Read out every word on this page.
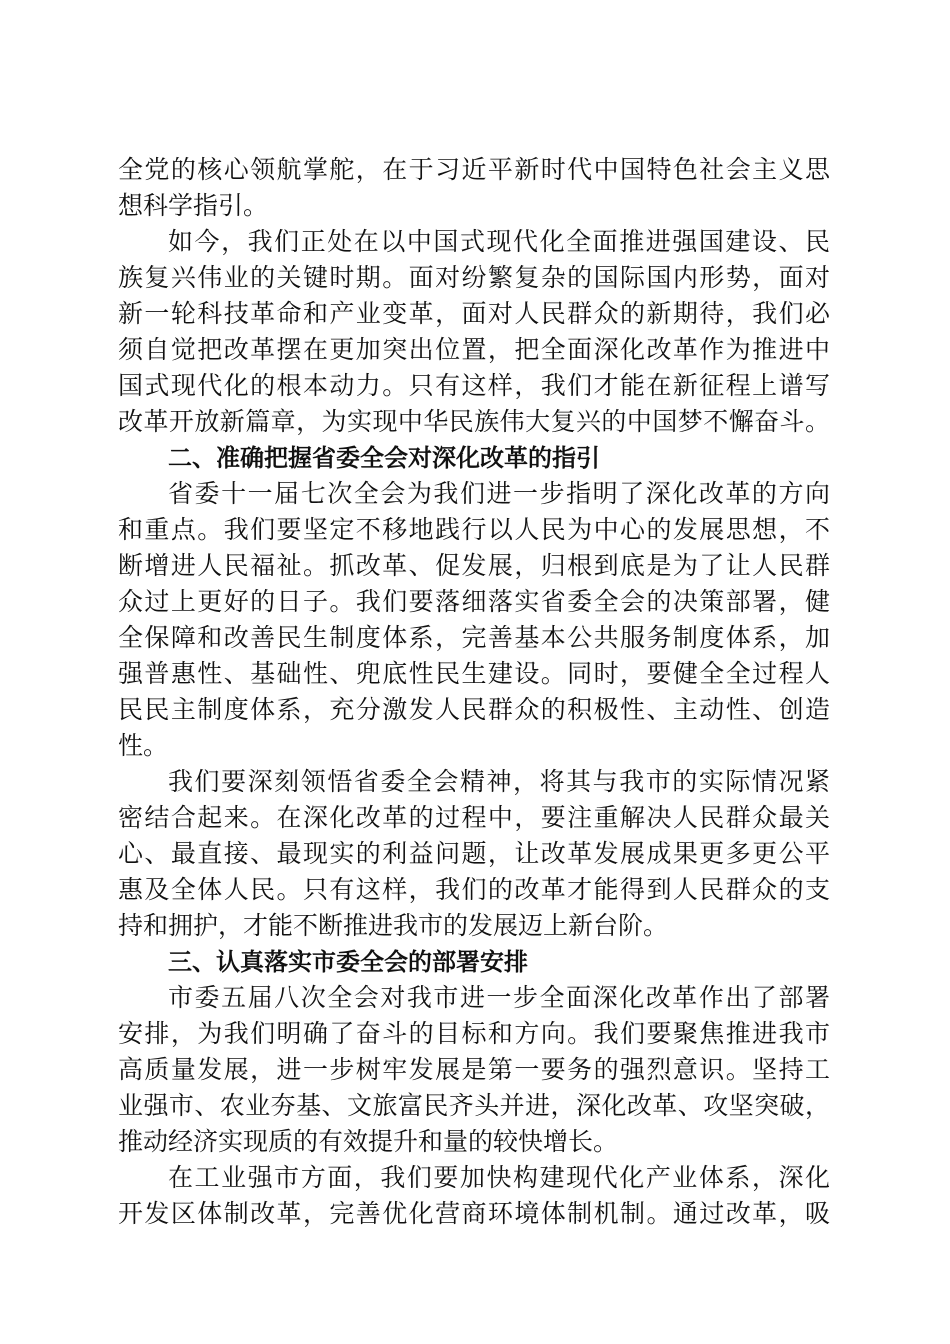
全党的核心领航掌舵，在于习近平新时代中国特色社会主义思
想科学指引。
如今，我们正处在以中国式现代化全面推进强国建设、民
族复兴伟业的关键时期。面对纷繁复杂的国际国内形势，面对
新一轮科技革命和产业变革，面对人民群众的新期待，我们必
须自觉把改革摆在更加突出位置，把全面深化改革作为推进中
国式现代化的根本动力。只有这样，我们才能在新征程上谱写
改革开放新篇章，为实现中华民族伟大复兴的中国梦不懈奋斗。
二、准确把握省委全会对深化改革的指引
省委十一届七次全会为我们进一步指明了深化改革的方向
和重点。我们要坚定不移地践行以人民为中心的发展思想，不
断增进人民福祉。抓改革、促发展，归根到底是为了让人民群
众过上更好的日子。我们要落细落实省委全会的决策部署，健
全保障和改善民生制度体系，完善基本公共服务制度体系，加
强普惠性、基础性、兜底性民生建设。同时，要健全全过程人
民民主制度体系，充分激发人民群众的积极性、主动性、创造
性。
我们要深刻领悟省委全会精神，将其与我市的实际情况紧
密结合起来。在深化改革的过程中，要注重解决人民群众最关
心、最直接、最现实的利益问题，让改革发展成果更多更公平
惠及全体人民。只有这样，我们的改革才能得到人民群众的支
持和拥护，才能不断推进我市的发展迈上新台阶。
三、认真落实市委全会的部署安排
市委五届八次全会对我市进一步全面深化改革作出了部署
安排，为我们明确了奋斗的目标和方向。我们要聚焦推进我市
高质量发展，进一步树牢发展是第一要务的强烈意识。坚持工
业强市、农业夯基、文旅富民齐头并进，深化改革、攻坚突破，
推动经济实现质的有效提升和量的较快增长。
在工业强市方面，我们要加快构建现代化产业体系，深化
开发区体制改革，完善优化营商环境体制机制。通过改革，吸
